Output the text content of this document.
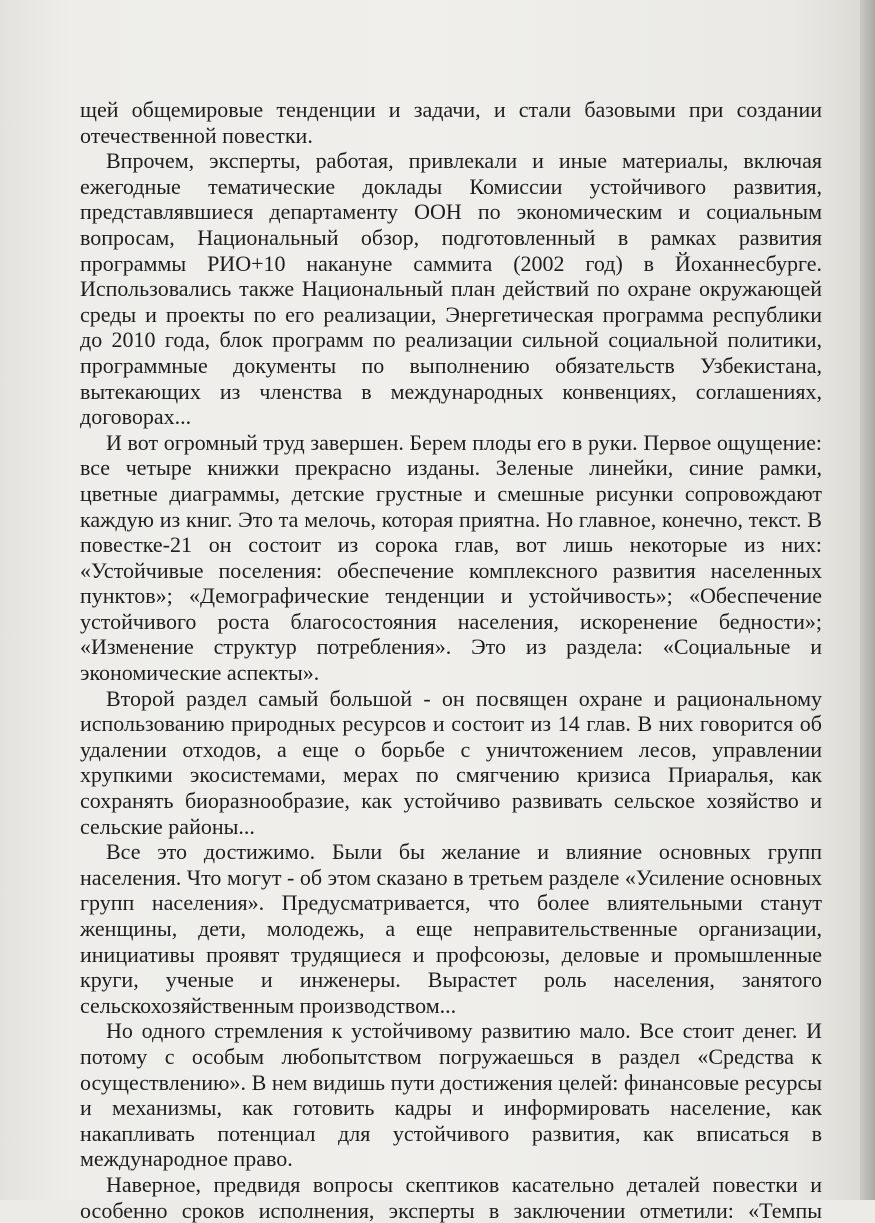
щей общемировые тенденции и задачи, и стали базовыми при создании отечественной повестки.

Впрочем, эксперты, работая, привлекали и иные материалы, включая ежегодные тематические доклады Комиссии устойчивого развития, представлявшиеся департаменту ООН по экономическим и социальным вопросам, Национальный обзор, подготовленный в рамках развития программы РИО+10 накануне саммита (2002 год) в Йоханнесбурге. Использовались также Национальный план действий по охране окружающей среды и проекты по его реализации, Энергетическая программа республики до 2010 года, блок программ по реализации сильной социальной политики, программные документы по выполнению обязательств Узбекистана, вытекающих из членства в международных конвенциях, соглашениях, договорах...

И вот огромный труд завершен. Берем плоды его в руки. Первое ощущение: все четыре книжки прекрасно изданы. Зеленые линейки, синие рамки, цветные диаграммы, детские грустные и смешные рисунки сопровождают каждую из книг. Это та мелочь, которая приятна. Но главное, конечно, текст. В повестке-21 он состоит из сорока глав, вот лишь некоторые из них: «Устойчивые поселения: обеспечение комплексного развития населенных пунктов»; «Демографические тенденции и устойчивость»; «Обеспечение устойчивого роста благосостояния населения, искоренение бедности»; «Изменение структур потребления». Это из раздела: «Социальные и экономические аспекты».

Второй раздел самый большой - он посвящен охране и рациональному использованию природных ресурсов и состоит из 14 глав. В них говорится об удалении отходов, а еще о борьбе с уничтожением лесов, управлении хрупкими экосистемами, мерах по смягчению кризиса Приаралья, как сохранять биоразнообразие, как устойчиво развивать сельское хозяйство и сельские районы...

Все это достижимо. Были бы желание и влияние основных групп населения. Что могут - об этом сказано в третьем разделе «Усиление основных групп населения». Предусматривается, что более влиятельными станут женщины, дети, молодежь, а еще неправительственные организации, инициативы проявят трудящиеся и профсоюзы, деловые и промышленные круги, ученые и инженеры. Вырастет роль населения, занятого сельскохозяйственным производством...

Но одного стремления к устойчивому развитию мало. Все стоит денег. И потому с особым любопытством погружаешься в раздел «Средства к осуществлению». В нем видишь пути достижения целей: финансовые ресурсы и механизмы, как готовить кадры и информировать население, как накапливать потенциал для устойчивого развития, как вписаться в международное право.

Наверное, предвидя вопросы скептиков касательно деталей повестки и особенно сроков исполнения, эксперты в заключении отметили: «Темпы
